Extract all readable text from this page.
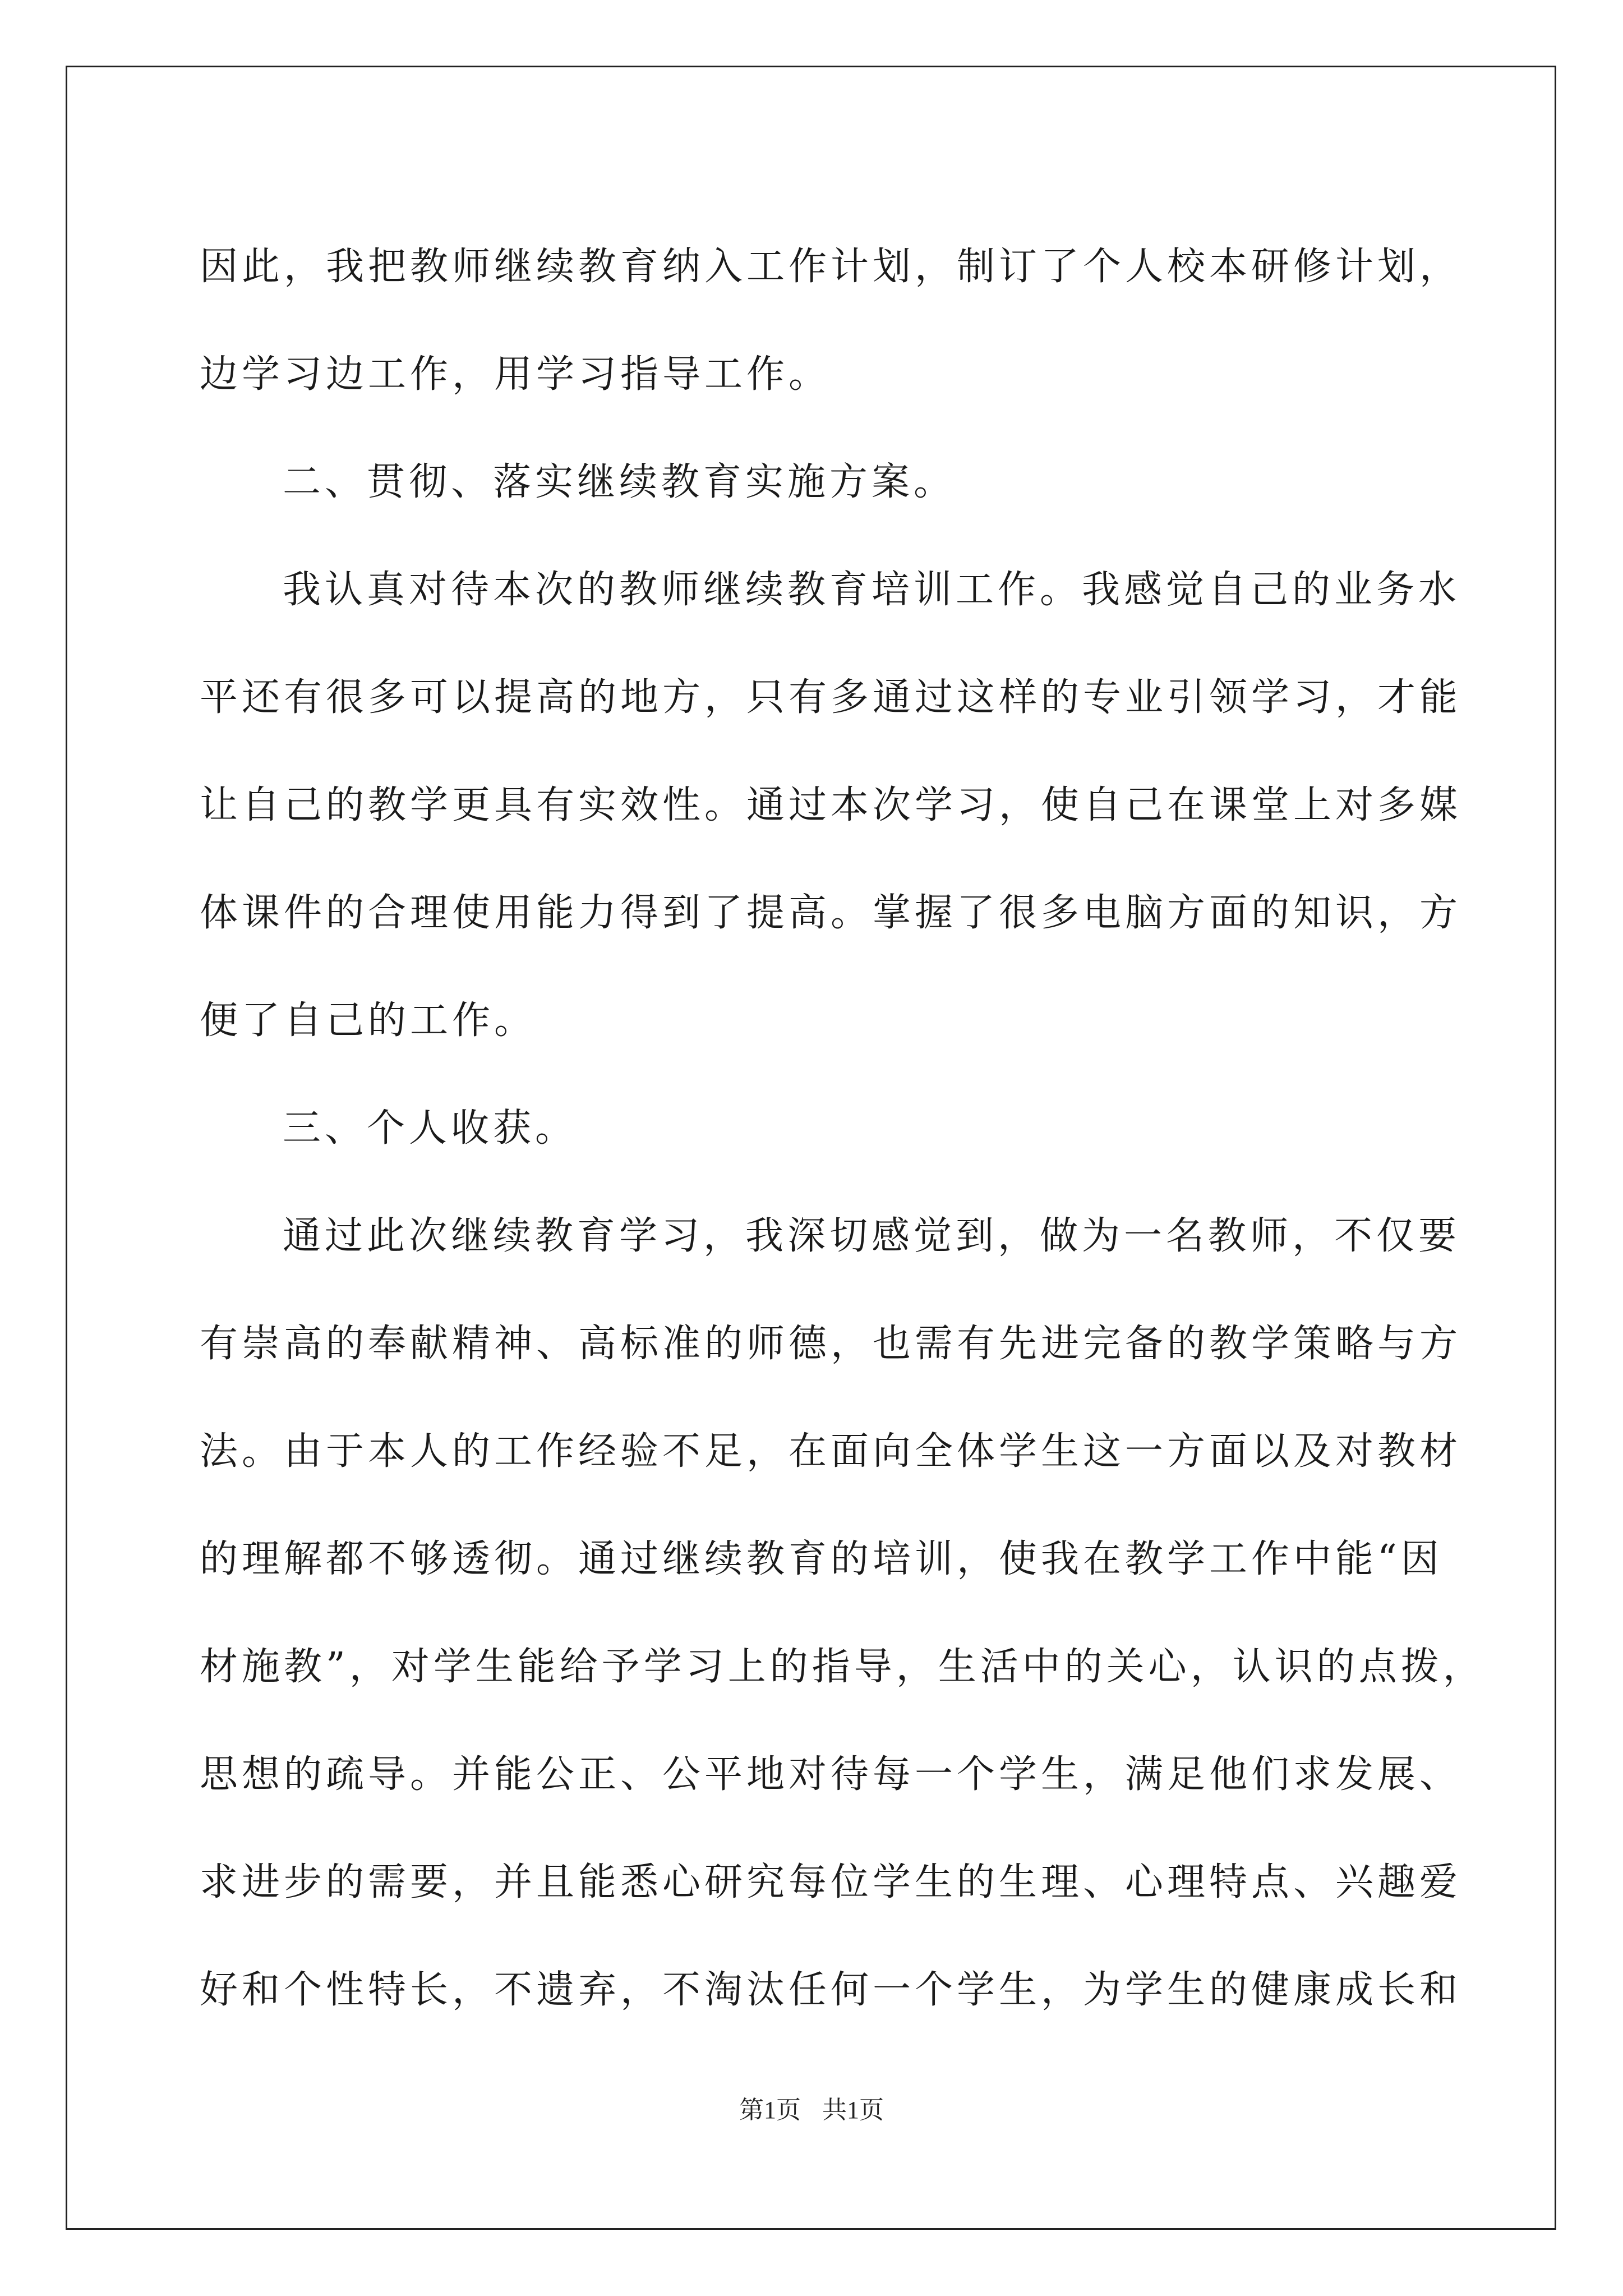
因此，我把教师继续教育纳入工作计划，制订了个人校本研修计划，
边学习边工作，用学习指导工作。
二、贯彻、落实继续教育实施方案。
我认真对待本次的教师继续教育培训工作。我感觉自己的业务水
平还有很多可以提高的地方，只有多通过这样的专业引领学习，才能
让自己的教学更具有实效性。通过本次学习，使自己在课堂上对多媒
体课件的合理使用能力得到了提高。掌握了很多电脑方面的知识，方
便了自己的工作。
三、个人收获。
通过此次继续教育学习，我深切感觉到，做为一名教师，不仅要
有崇高的奉献精神、高标准的师德，也需有先进完备的教学策略与方
法。由于本人的工作经验不足，在面向全体学生这一方面以及对教材
的理解都不够透彻。通过继续教育的培训，使我在教学工作中能“因
材施教”，对学生能给予学习上的指导，生活中的关心，认识的点拨，
思想的疏导。并能公正、公平地对待每一个学生，满足他们求发展、
求进步的需要，并且能悉心研究每位学生的生理、心理特点、兴趣爱
好和个性特长，不遗弃，不淘汰任何一个学生，为学生的健康成长和
第1页 共1页
